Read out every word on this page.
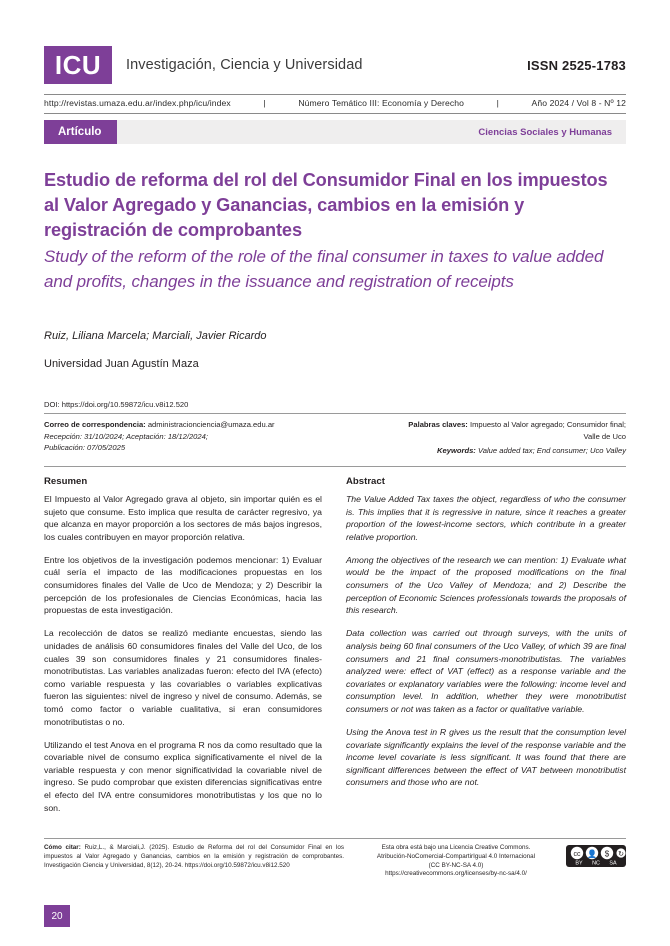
ICU	Investigación, Ciencia y Universidad	ISSN 2525-1783
http://revistas.umaza.edu.ar/index.php/icu/index	|	Número Temático III: Economía y Derecho	|	Año 2024 / Vol 8 - Nº 12
Artículo	Ciencias Sociales y Humanas
Estudio de reforma del rol del Consumidor Final en los impuestos al Valor Agregado y Ganancias, cambios en la emisión y registración de comprobantes
Study of the reform of the role of the final consumer in taxes to value added and profits, changes in the issuance and registration of receipts
Ruiz, Liliana Marcela; Marciali, Javier Ricardo
Universidad Juan Agustín Maza
DOI: https://doi.org/10.59872/icu.v8i12.520
Correo de correspondencia: administracionciencia@umaza.edu.ar
Recepción: 31/10/2024; Aceptación: 18/12/2024;
Publicación: 07/05/2025
Palabras claves: Impuesto al Valor agregado; Consumidor final;
Valle de Uco
Keywords: Value added tax; End consumer; Uco Valley
Resumen
El Impuesto al Valor Agregado grava al objeto, sin importar quién es el sujeto que consume. Esto implica que resulta de carácter regresivo, ya que alcanza en mayor proporción a los sectores de más bajos ingresos, los cuales contribuyen en mayor proporción relativa.
Entre los objetivos de la investigación podemos mencionar: 1) Evaluar cuál sería el impacto de las modificaciones propuestas en los consumidores finales del Valle de Uco de Mendoza; y 2) Describir la percepción de los profesionales de Ciencias Económicas, hacia las propuestas de esta investigación.
La recolección de datos se realizó mediante encuestas, siendo las unidades de análisis 60 consumidores finales del Valle del Uco, de los cuales 39 son consumidores finales y 21 consumidores finales-monotributistas. Las variables analizadas fueron: efecto del IVA (efecto) como variable respuesta y las covariables o variables explicativas fueron las siguientes: nivel de ingreso y nivel de consumo. Además, se tomó como factor o variable cualitativa, si eran consumidores monotributistas o no.
Utilizando el test Anova en el programa R nos da como resultado que la covariable nivel de consumo explica significativamente el nivel de la variable respuesta y con menor significatividad la covariable nivel de ingreso. Se pudo comprobar que existen diferencias significativas entre el efecto del IVA entre consumidores monotributistas y los que no lo son.
Abstract
The Value Added Tax taxes the object, regardless of who the consumer is. This implies that it is regressive in nature, since it reaches a greater proportion of the lowest-income sectors, which contribute in a greater relative proportion.
Among the objectives of the research we can mention: 1) Evaluate what would be the impact of the proposed modifications on the final consumers of the Uco Valley of Mendoza; and 2) Describe the perception of Economic Sciences professionals towards the proposals of this research.
Data collection was carried out through surveys, with the units of analysis being 60 final consumers of the Uco Valley, of which 39 are final consumers and 21 final consumers-monotributistas. The variables analyzed were: effect of VAT (effect) as a response variable and the covariates or explanatory variables were the following: income level and consumption level. In addition, whether they were monotributist consumers or not was taken as a factor or qualitative variable.
Using the Anova test in R gives us the result that the consumption level covariate significantly explains the level of the response variable and the income level covariate is less significant. It was found that there are significant differences between the effect of VAT between monotributist consumers and those who are not.
Cómo citar: Ruiz,L., & Marciali,J. (2025). Estudio de Reforma del rol del Consumidor Final en los impuestos al Valor Agregado y Ganancias, cambios en la emisión y registración de comprobantes. Investigación Ciencia y Universidad, 8(12), 20-24. https://doi.org/10.59872/icu.v8i12.520
Esta obra está bajo una Licencia Creative Commons.
Atribución-NoComercial-CompartirIgual 4.0 Internacional
(CC BY-NC-SA 4.0)
https://creativecommons.org/licenses/by-nc-sa/4.0/
cc 👤 $ ↻
BY NC SA
20
